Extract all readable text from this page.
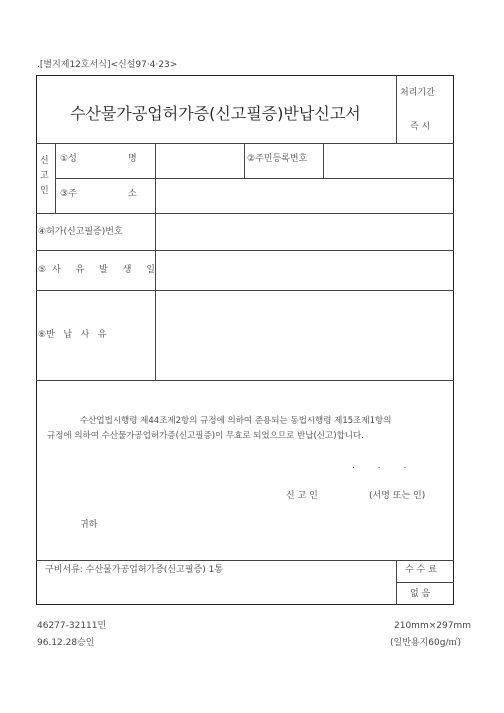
.[별지제12호서식]<신설97·4·23>
수산물가공업허가증(신고필증)반납신고서
처리기간
즉 시
신
고
인
①성	명	②주민등록번호
③주	소
④허가(신고필증)번호
⑤사 유 발 생 일
⑥반   납   사   유
수산업법시행령 제44조제2항의 규정에 의하여 준용되는 동법시행령 제15조제1항의
규정에 의하여 수산물가공업허가증(신고필증)이 무효로 되었으므로 반납(신고)합니다.
.        .        .
신 고 인	(서명 또는 인)
귀하
구비서류: 수산물가공업허가증(신고필증) 1통	수 수 료
없 음
46277-32111민
96.12.28승인
210mm×297mm
(일반용지60g/㎡)
